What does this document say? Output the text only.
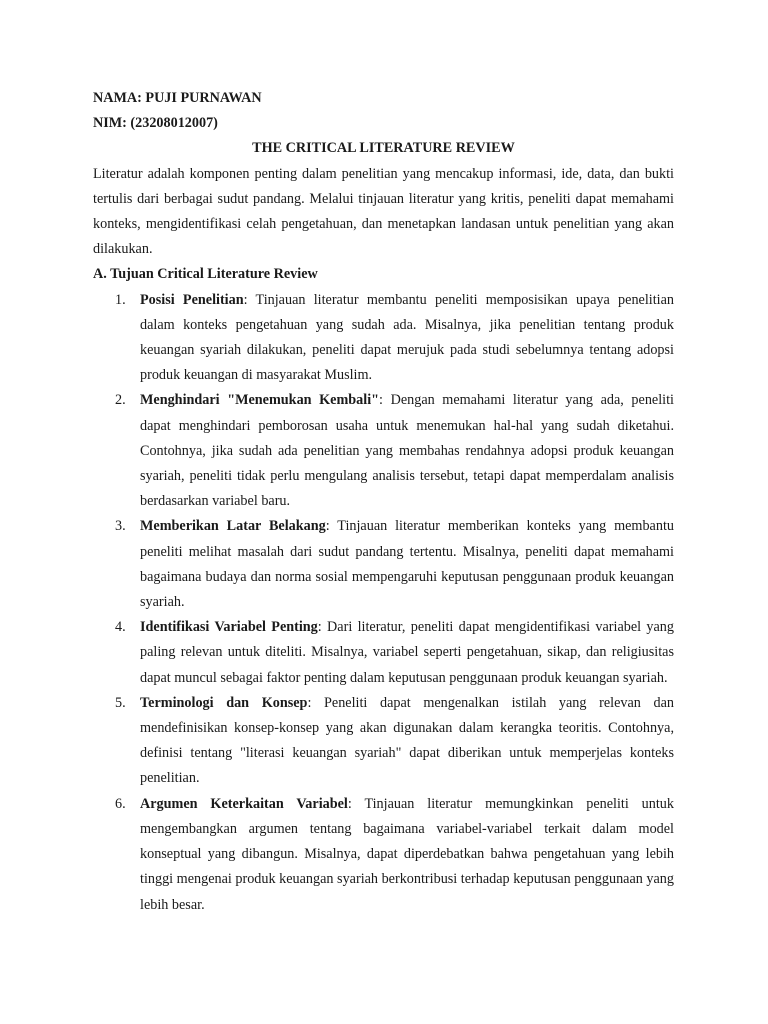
NAMA: PUJI PURNAWAN

NIM: (23208012007)

THE CRITICAL LITERATURE REVIEW

Literatur adalah komponen penting dalam penelitian yang mencakup informasi, ide, data, dan bukti tertulis dari berbagai sudut pandang. Melalui tinjauan literatur yang kritis, peneliti dapat memahami konteks, mengidentifikasi celah pengetahuan, dan menetapkan landasan untuk penelitian yang akan dilakukan.

A. Tujuan Critical Literature Review

1. Posisi Penelitian: Tinjauan literatur membantu peneliti memposisikan upaya penelitian dalam konteks pengetahuan yang sudah ada. Misalnya, jika penelitian tentang produk keuangan syariah dilakukan, peneliti dapat merujuk pada studi sebelumnya tentang adopsi produk keuangan di masyarakat Muslim.
2. Menghindari "Menemukan Kembali": Dengan memahami literatur yang ada, peneliti dapat menghindari pemborosan usaha untuk menemukan hal-hal yang sudah diketahui. Contohnya, jika sudah ada penelitian yang membahas rendahnya adopsi produk keuangan syariah, peneliti tidak perlu mengulang analisis tersebut, tetapi dapat memperdalam analisis berdasarkan variabel baru.
3. Memberikan Latar Belakang: Tinjauan literatur memberikan konteks yang membantu peneliti melihat masalah dari sudut pandang tertentu. Misalnya, peneliti dapat memahami bagaimana budaya dan norma sosial mempengaruhi keputusan penggunaan produk keuangan syariah.
4. Identifikasi Variabel Penting: Dari literatur, peneliti dapat mengidentifikasi variabel yang paling relevan untuk diteliti. Misalnya, variabel seperti pengetahuan, sikap, dan religiusitas dapat muncul sebagai faktor penting dalam keputusan penggunaan produk keuangan syariah.
5. Terminologi dan Konsep: Peneliti dapat mengenalkan istilah yang relevan dan mendefinisikan konsep-konsep yang akan digunakan dalam kerangka teoritis. Contohnya, definisi tentang "literasi keuangan syariah" dapat diberikan untuk memperjelas konteks penelitian.
6. Argumen Keterkaitan Variabel: Tinjauan literatur memungkinkan peneliti untuk mengembangkan argumen tentang bagaimana variabel-variabel terkait dalam model konseptual yang dibangun. Misalnya, dapat diperdebatkan bahwa pengetahuan yang lebih tinggi mengenai produk keuangan syariah berkontribusi terhadap keputusan penggunaan yang lebih besar.
